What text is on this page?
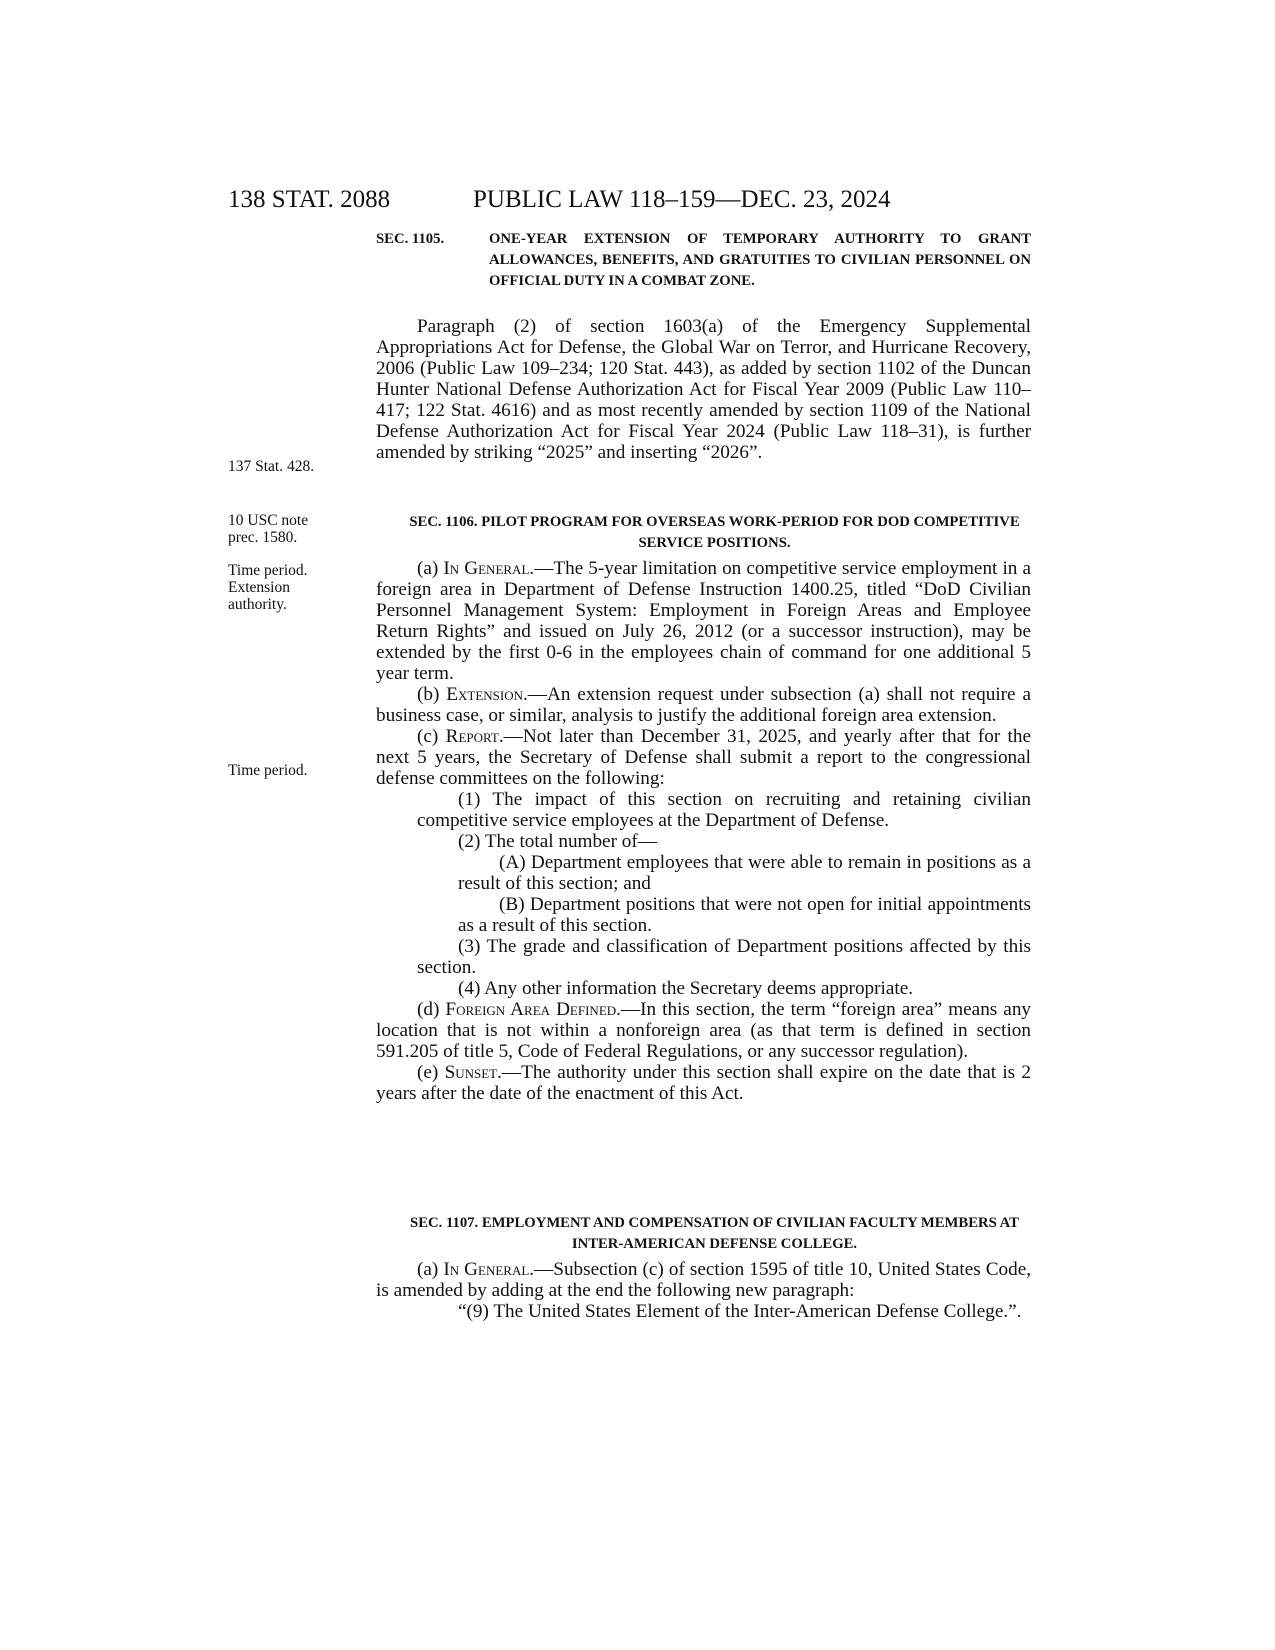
138 STAT. 2088	PUBLIC LAW 118–159—DEC. 23, 2024
137 Stat. 428.
10 USC note
prec. 1580.
Time period.
Extension
authority.
Time period.
SEC. 1105.	ONE-YEAR EXTENSION OF TEMPORARY AUTHORITY TO GRANT ALLOWANCES, BENEFITS, AND GRATUITIES TO CIVILIAN PERSONNEL ON OFFICIAL DUTY IN A COMBAT ZONE.

Paragraph (2) of section 1603(a) of the Emergency Supplemental Appropriations Act for Defense, the Global War on Terror, and Hurricane Recovery, 2006 (Public Law 109–234; 120 Stat. 443), as added by section 1102 of the Duncan Hunter National Defense Authorization Act for Fiscal Year 2009 (Public Law 110–417; 122 Stat. 4616) and as most recently amended by section 1109 of the National Defense Authorization Act for Fiscal Year 2024 (Public Law 118–31), is further amended by striking “2025” and inserting “2026”.

SEC. 1106. PILOT PROGRAM FOR OVERSEAS WORK-PERIOD FOR DOD COMPETITIVE SERVICE POSITIONS.

(a) In General.—The 5-year limitation on competitive service employment in a foreign area in Department of Defense Instruction 1400.25, titled “DoD Civilian Personnel Management System: Employment in Foreign Areas and Employee Return Rights” and issued on July 26, 2012 (or a successor instruction), may be extended by the first 0-6 in the employees chain of command for one additional 5 year term.

(b) Extension.—An extension request under subsection (a) shall not require a business case, or similar, analysis to justify the additional foreign area extension.

(c) Report.—Not later than December 31, 2025, and yearly after that for the next 5 years, the Secretary of Defense shall submit a report to the congressional defense committees on the following:

(1) The impact of this section on recruiting and retaining civilian competitive service employees at the Department of Defense.

(2) The total number of—

(A) Department employees that were able to remain in positions as a result of this section; and

(B) Department positions that were not open for initial appointments as a result of this section.

(3) The grade and classification of Department positions affected by this section.

(4) Any other information the Secretary deems appropriate.

(d) Foreign Area Defined.—In this section, the term “foreign area” means any location that is not within a nonforeign area (as that term is defined in section 591.205 of title 5, Code of Federal Regulations, or any successor regulation).

(e) Sunset.—The authority under this section shall expire on the date that is 2 years after the date of the enactment of this Act.

SEC. 1107. EMPLOYMENT AND COMPENSATION OF CIVILIAN FACULTY MEMBERS AT INTER-AMERICAN DEFENSE COLLEGE.

(a) In General.—Subsection (c) of section 1595 of title 10, United States Code, is amended by adding at the end the following new paragraph:

“(9) The United States Element of the Inter-American Defense College.”.
